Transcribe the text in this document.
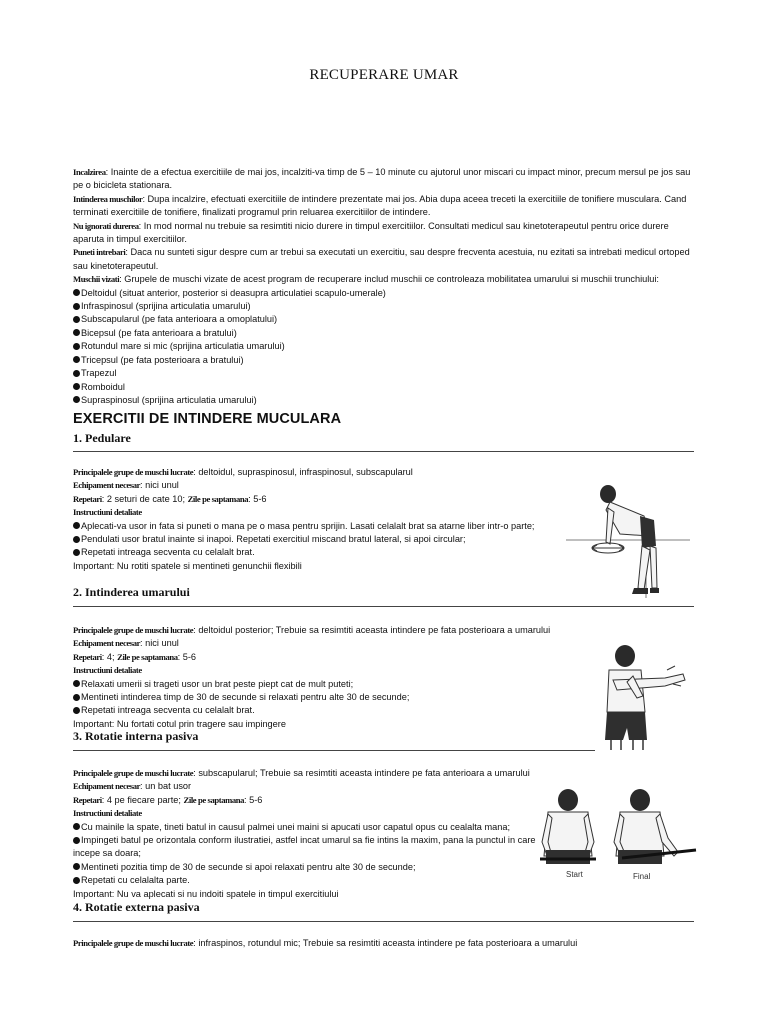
RECUPERARE UMAR

Incalzirea: Inainte de a efectua exercitiile de mai jos, incalziti-va timp de 5 – 10 minute cu ajutorul unor miscari cu impact minor, precum mersul pe jos sau pe o bicicleta stationara.

Intinderea muschilor: Dupa incalzire, efectuati exercitiile de intindere prezentate mai jos. Abia dupa aceea treceti la exercitiile de tonifiere musculara. Cand terminati exercitiile de tonifiere, finalizati programul prin reluarea exercitiilor de intindere.

Nu ignorati durerea: In mod normal nu trebuie sa resimtiti nicio durere in timpul exercitiilor. Consultati medicul sau kinetoterapeutul pentru orice durere aparuta in timpul exercitiilor.

Puneti intrebari: Daca nu sunteti sigur despre cum ar trebui sa executati un exercitiu, sau despre frecventa acestuia, nu ezitati sa intrebati medicul ortoped sau kinetoterapeutul.

Muschii vizati: Grupele de muschi vizate de acest program de recuperare includ muschii ce controleaza mobilitatea umarului si muschii trunchiului:

Deltoidul (situat anterior, posterior si deasupra articulatiei scapulo-umerale)

Infraspinosul (sprijina articulatia umarului)

Subscapularul (pe fata anterioara a omoplatului)

Bicepsul (pe fata anterioara a bratului)

Rotundul mare si mic (sprijina articulatia umarului)

Tricepsul (pe fata posterioara a bratului)

Trapezul

Romboidul

Supraspinosul (sprijina articulatia umarului)

EXERCITII DE INTINDERE MUCULARA
1. Pedulare

Principalele grupe de muschi lucrate: deltoidul, supraspinosul, infraspinosul, subscapularul

Echipament necesar: nici unul

Repetari: 2 seturi de cate 10; Zile pe saptamana: 5-6

Instructiuni detaliate

Aplecati-va usor in fata si puneti o mana pe o masa pentru sprijin. Lasati celalalt brat sa atarne liber intr-o parte;

Pendulati usor bratul inainte si inapoi. Repetati exercitiul miscand bratul lateral, si apoi circular;

Repetati intreaga secventa cu celalalt brat.

Important: Nu rotiti spatele si mentineti genunchii flexibili

2. Intinderea umarului

Principalele grupe de muschi lucrate: deltoidul posterior; Trebuie sa resimtiti aceasta intindere pe fata posterioara a umarului

Echipament necesar: nici unul

Repetari: 4; Zile pe saptamana: 5-6

Instructiuni detaliate

Relaxati umerii si trageti usor un brat peste piept cat de mult puteti;

Mentineti intinderea timp de 30 de secunde si relaxati pentru alte 30 de secunde;

Repetati intreaga secventa cu celalalt brat.

Important: Nu fortati cotul prin tragere sau impingere

3. Rotatie interna pasiva

Principalele grupe de muschi lucrate: subscapularul; Trebuie sa resimtiti aceasta intindere pe fata anterioara a umarului

Echipament necesar: un bat usor

Repetari: 4 pe fiecare parte; Zile pe saptamana: 5-6

Instructiuni detaliate

Cu mainile la spate, tineti batul in causul palmei unei maini si apucati usor capatul opus cu cealalta mana;

Impingeti batul pe orizontala conform ilustratiei, astfel incat umarul sa fie intins la maxim, pana la punctul in care incepe sa doara;

Mentineti pozitia timp de 30 de secunde si apoi relaxati pentru alte 30 de secunde;

Repetati cu celalalta parte.

Important: Nu va aplecati si nu indoiti spatele in timpul exercitiului

Start	Final
4. Rotatie externa pasiva

Principalele grupe de muschi lucrate: infraspinos, rotundul mic; Trebuie sa resimtiti aceasta intindere pe fata posterioara a umarului
